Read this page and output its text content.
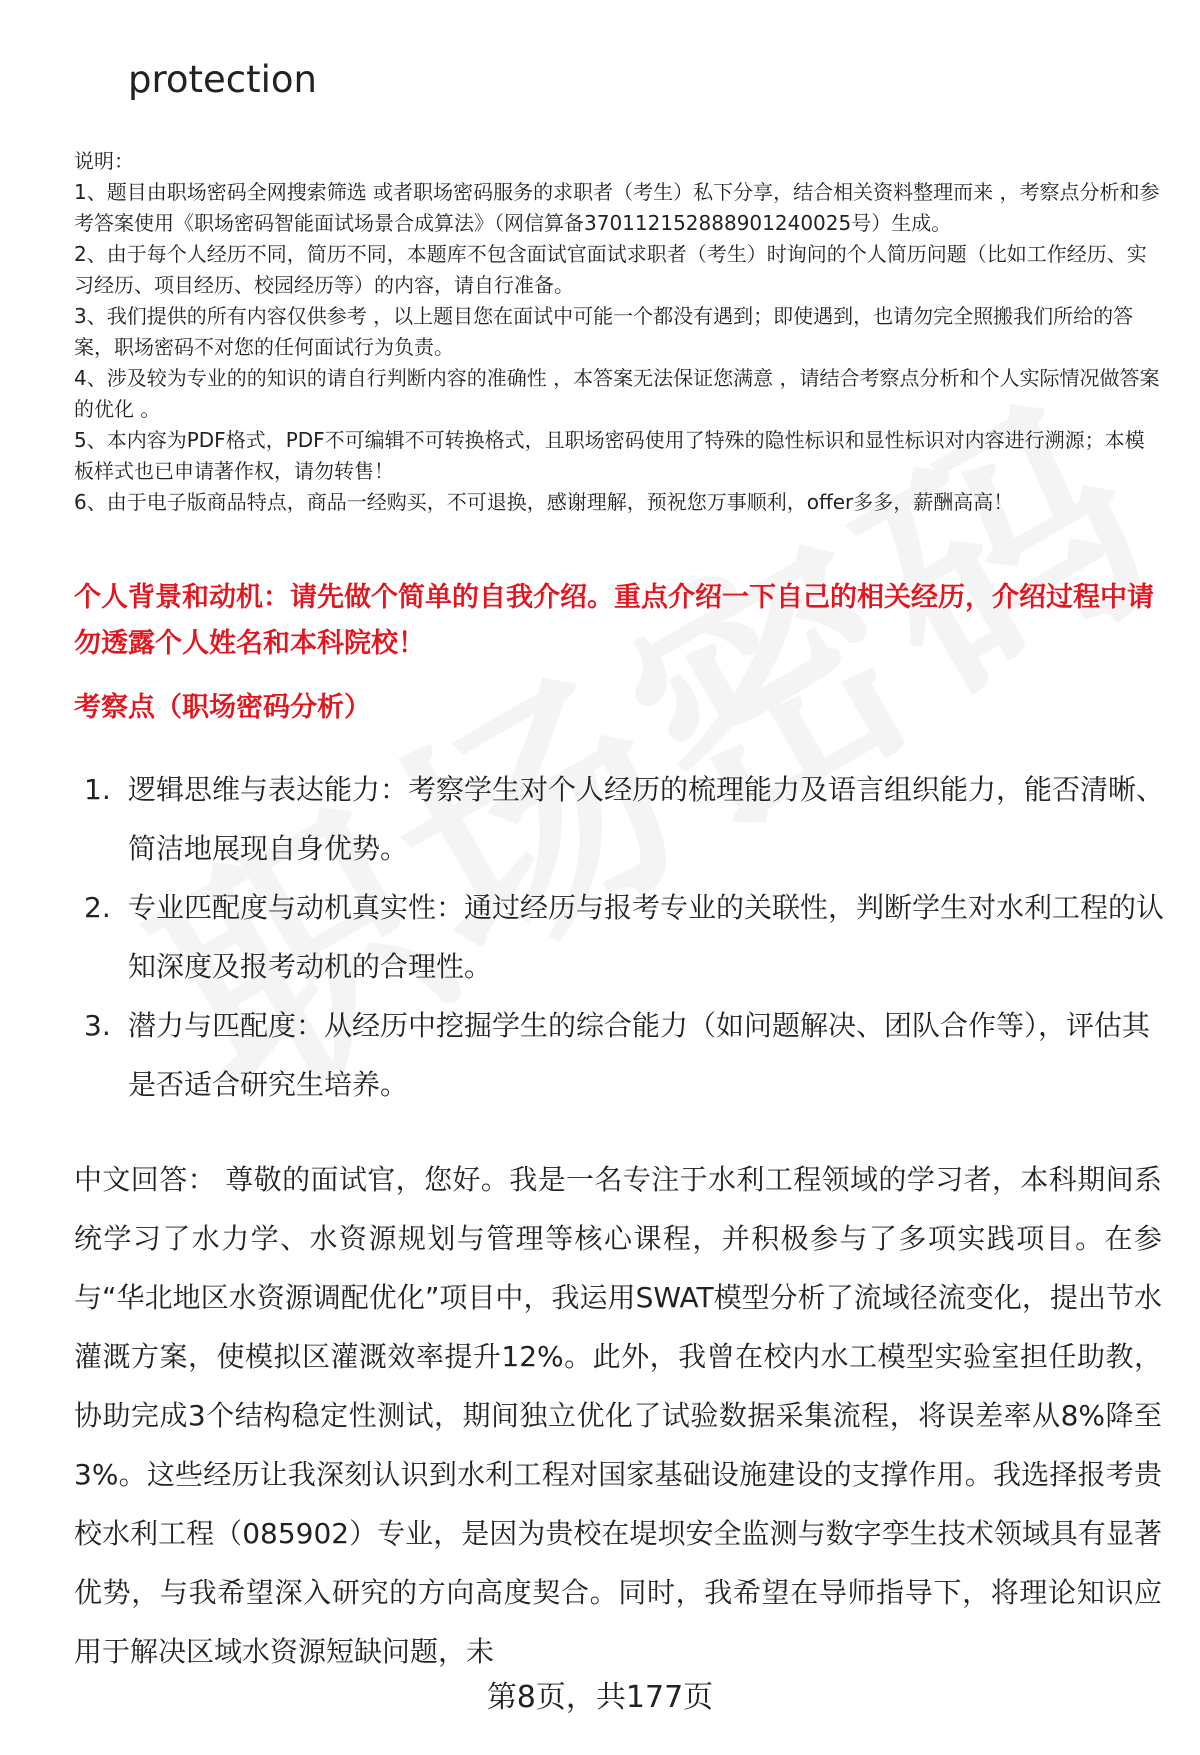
protection

说明：

1、题目由职场密码全网搜索筛选 或者职场密码服务的求职者（考生）私下分享，结合相关资料整理而来 ，考察点分析和参考答案使用《职场密码智能面试场景合成算法》（网信算备370112152888901240025号）生成。

2、由于每个人经历不同，简历不同，本题库不包含面试官面试求职者（考生）时询问的个人简历问题（比如工作经历、实习经历、项目经历、校园经历等）的内容，请自行准备。

3、我们提供的所有内容仅供参考 ，以上题目您在面试中可能一个都没有遇到；即使遇到，也请勿完全照搬我们所给的答案，职场密码不对您的任何面试行为负责。

4、涉及较为专业的的知识的请自行判断内容的准确性 ，本答案无法保证您满意 ，请结合考察点分析和个人实际情况做答案的优化 。

5、本内容为PDF格式，PDF不可编辑不可转换格式，且职场密码使用了特殊的隐性标识和显性标识对内容进行溯源；本模板样式也已申请著作权，请勿转售！

6、由于电子版商品特点，商品一经购买，不可退换，感谢理解，预祝您万事顺利，offer多多，薪酬高高！

个人背景和动机：请先做个简单的自我介绍。重点介绍一下自己的相关经历，介绍过程中请勿透露个人姓名和本科院校！
考察点（职场密码分析）
1. 逻辑思维与表达能力：考察学生对个人经历的梳理能力及语言组织能力，能否清晰、简洁地展现自身优势。
2. 专业匹配度与动机真实性：通过经历与报考专业的关联性，判断学生对水利工程的认知深度及报考动机的合理性。
3. 潜力与匹配度：从经历中挖掘学生的综合能力（如问题解决、团队合作等），评估其是否适合研究生培养。
中文回答： 尊敬的面试官，您好。我是一名专注于水利工程领域的学习者，本科期间系统学习了水力学、水资源规划与管理等核心课程，并积极参与了多项实践项目。在参与“华北地区水资源调配优化”项目中，我运用SWAT模型分析了流域径流变化，提出节水灌溉方案，使模拟区灌溉效率提升12%。此外，我曾在校内水工模型实验室担任助教，协助完成3个结构稳定性测试，期间独立优化了试验数据采集流程，将误差率从8%降至3%。这些经历让我深刻认识到水利工程对国家基础设施建设的支撑作用。我选择报考贵校水利工程（085902）专业，是因为贵校在堤坝安全监测与数字孪生技术领域具有显著优势，与我希望深入研究的方向高度契合。同时，我希望在导师指导下，将理论知识应用于解决区域水资源短缺问题，未
第8页，共177页
